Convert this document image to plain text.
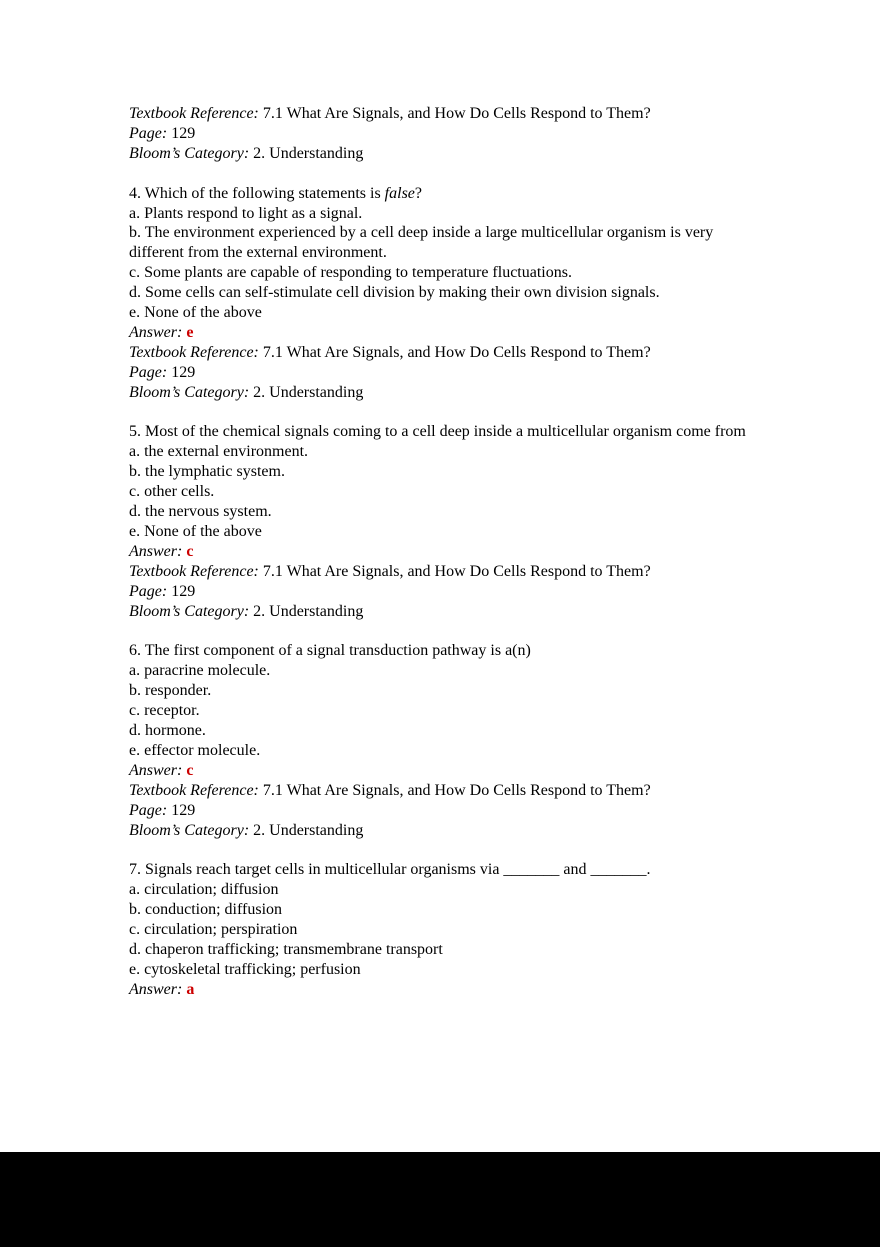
Textbook Reference: 7.1 What Are Signals, and How Do Cells Respond to Them?
Page: 129
Bloom’s Category: 2. Understanding
4. Which of the following statements is false?
a. Plants respond to light as a signal.
b. The environment experienced by a cell deep inside a large multicellular organism is very different from the external environment.
c. Some plants are capable of responding to temperature fluctuations.
d. Some cells can self-stimulate cell division by making their own division signals.
e. None of the above
Answer: e
Textbook Reference: 7.1 What Are Signals, and How Do Cells Respond to Them?
Page: 129
Bloom’s Category: 2. Understanding
5. Most of the chemical signals coming to a cell deep inside a multicellular organism come from
a. the external environment.
b. the lymphatic system.
c. other cells.
d. the nervous system.
e. None of the above
Answer: c
Textbook Reference: 7.1 What Are Signals, and How Do Cells Respond to Them?
Page: 129
Bloom’s Category: 2. Understanding
6. The first component of a signal transduction pathway is a(n)
a. paracrine molecule.
b. responder.
c. receptor.
d. hormone.
e. effector molecule.
Answer: c
Textbook Reference: 7.1 What Are Signals, and How Do Cells Respond to Them?
Page: 129
Bloom’s Category: 2. Understanding
7. Signals reach target cells in multicellular organisms via _______ and _______.
a. circulation; diffusion
b. conduction; diffusion
c. circulation; perspiration
d. chaperon trafficking; transmembrane transport
e. cytoskeletal trafficking; perfusion
Answer: a
